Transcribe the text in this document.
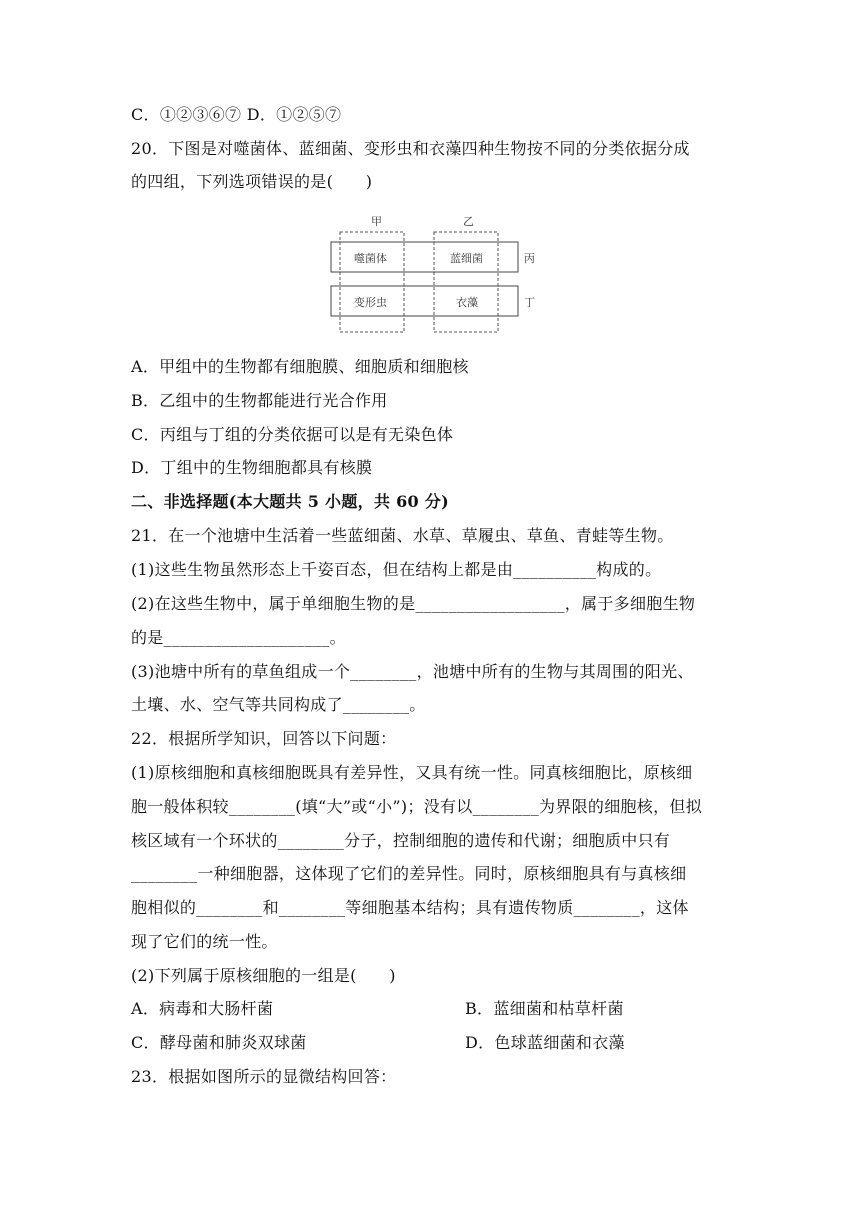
C．①②③⑥⑦ D．①②⑤⑦
20．下图是对噬菌体、蓝细菌、变形虫和衣藻四种生物按不同的分类依据分成
的四组，下列选项错误的是(　　)
甲	乙
丙
丁
噬菌体	蓝细菌
变形虫	衣藻
A．甲组中的生物都有细胞膜、细胞质和细胞核
B．乙组中的生物都能进行光合作用
C．丙组与丁组的分类依据可以是有无染色体
D．丁组中的生物细胞都具有核膜
二、非选择题(本大题共 5 小题，共 60 分)
21．在一个池塘中生活着一些蓝细菌、水草、草履虫、草鱼、青蛙等生物。
(1)这些生物虽然形态上千姿百态，但在结构上都是由__________构成的。
(2)在这些生物中，属于单细胞生物的是__________________，属于多细胞生物
的是____________________。
(3)池塘中所有的草鱼组成一个________，池塘中所有的生物与其周围的阳光、
土壤、水、空气等共同构成了________。
22．根据所学知识，回答以下问题：
(1)原核细胞和真核细胞既具有差异性，又具有统一性。同真核细胞比，原核细
胞一般体积较________(填“大”或“小”)；没有以________为界限的细胞核，但拟
核区域有一个环状的________分子，控制细胞的遗传和代谢；细胞质中只有
________一种细胞器，这体现了它们的差异性。同时，原核细胞具有与真核细
胞相似的________和________等细胞基本结构；具有遗传物质________，这体
现了它们的统一性。
(2)下列属于原核细胞的一组是(　　)
A．病毒和大肠杆菌	B．蓝细菌和枯草杆菌
C．酵母菌和肺炎双球菌	D．色球蓝细菌和衣藻
23．根据如图所示的显微结构回答：
